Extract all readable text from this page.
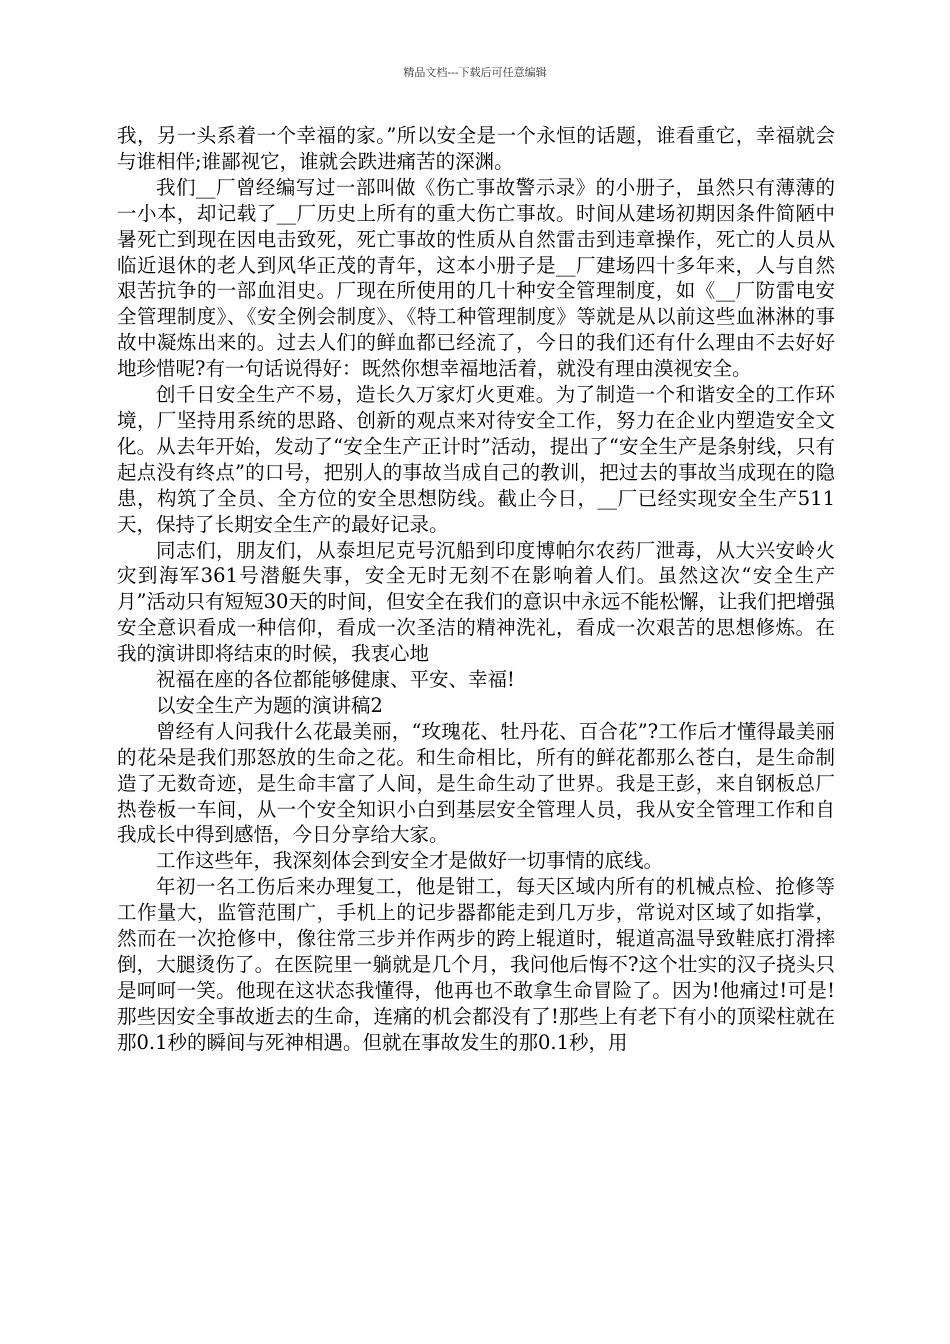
精品文档---下载后可任意编辑

我，另一头系着一个幸福的家。”所以安全是一个永恒的话题，谁看重它，幸福就会与谁相伴;谁鄙视它，谁就会跌进痛苦的深渊。

我们__厂曾经编写过一部叫做《伤亡事故警示录》的小册子，虽然只有薄薄的一小本，却记载了__厂历史上所有的重大伤亡事故。时间从建场初期因条件简陋中暑死亡到现在因电击致死，死亡事故的性质从自然雷击到违章操作，死亡的人员从临近退休的老人到风华正茂的青年，这本小册子是__厂建场四十多年来，人与自然艰苦抗争的一部血泪史。厂现在所使用的几十种安全管理制度，如《__厂防雷电安全管理制度》、《安全例会制度》、《特工种管理制度》等就是从以前这些血淋淋的事故中凝炼出来的。过去人们的鲜血都已经流了，今日的我们还有什么理由不去好好地珍惜呢?有一句话说得好：既然你想幸福地活着，就没有理由漠视安全。

创千日安全生产不易，造长久万家灯火更难。为了制造一个和谐安全的工作环境，厂坚持用系统的思路、创新的观点来对待安全工作，努力在企业内塑造安全文化。从去年开始，发动了“安全生产正计时”活动，提出了“安全生产是条射线，只有起点没有终点”的口号，把别人的事故当成自己的教训，把过去的事故当成现在的隐患，构筑了全员、全方位的安全思想防线。截止今日，__厂已经实现安全生产511天，保持了长期安全生产的最好记录。

同志们，朋友们，从泰坦尼克号沉船到印度博帕尔农药厂泄毒，从大兴安岭火灾到海军361号潜艇失事，安全无时无刻不在影响着人们。虽然这次“安全生产月”活动只有短短30天的时间，但安全在我们的意识中永远不能松懈，让我们把增强安全意识看成一种信仰，看成一次圣洁的精神洗礼，看成一次艰苦的思想修炼。在我的演讲即将结束的时候，我衷心地

祝福在座的各位都能够健康、平安、幸福!

以安全生产为题的演讲稿2

曾经有人问我什么花最美丽，“玫瑰花、牡丹花、百合花”?工作后才懂得最美丽的花朵是我们那怒放的生命之花。和生命相比，所有的鲜花都那么苍白，是生命制造了无数奇迹，是生命丰富了人间，是生命生动了世界。我是王彭，来自钢板总厂热卷板一车间，从一个安全知识小白到基层安全管理人员，我从安全管理工作和自我成长中得到感悟，今日分享给大家。

工作这些年，我深刻体会到安全才是做好一切事情的底线。

年初一名工伤后来办理复工，他是钳工，每天区域内所有的机械点检、抢修等工作量大，监管范围广，手机上的记步器都能走到几万步，常说对区域了如指掌，然而在一次抢修中，像往常三步并作两步的跨上辊道时，辊道高温导致鞋底打滑摔倒，大腿烫伤了。在医院里一躺就是几个月，我问他后悔不?这个壮实的汉子挠头只是呵呵一笑。他现在这状态我懂得，他再也不敢拿生命冒险了。因为!他痛过!可是!那些因安全事故逝去的生命，连痛的机会都没有了!那些上有老下有小的顶梁柱就在那0.1秒的瞬间与死神相遇。但就在事故发生的那0.1秒，用
